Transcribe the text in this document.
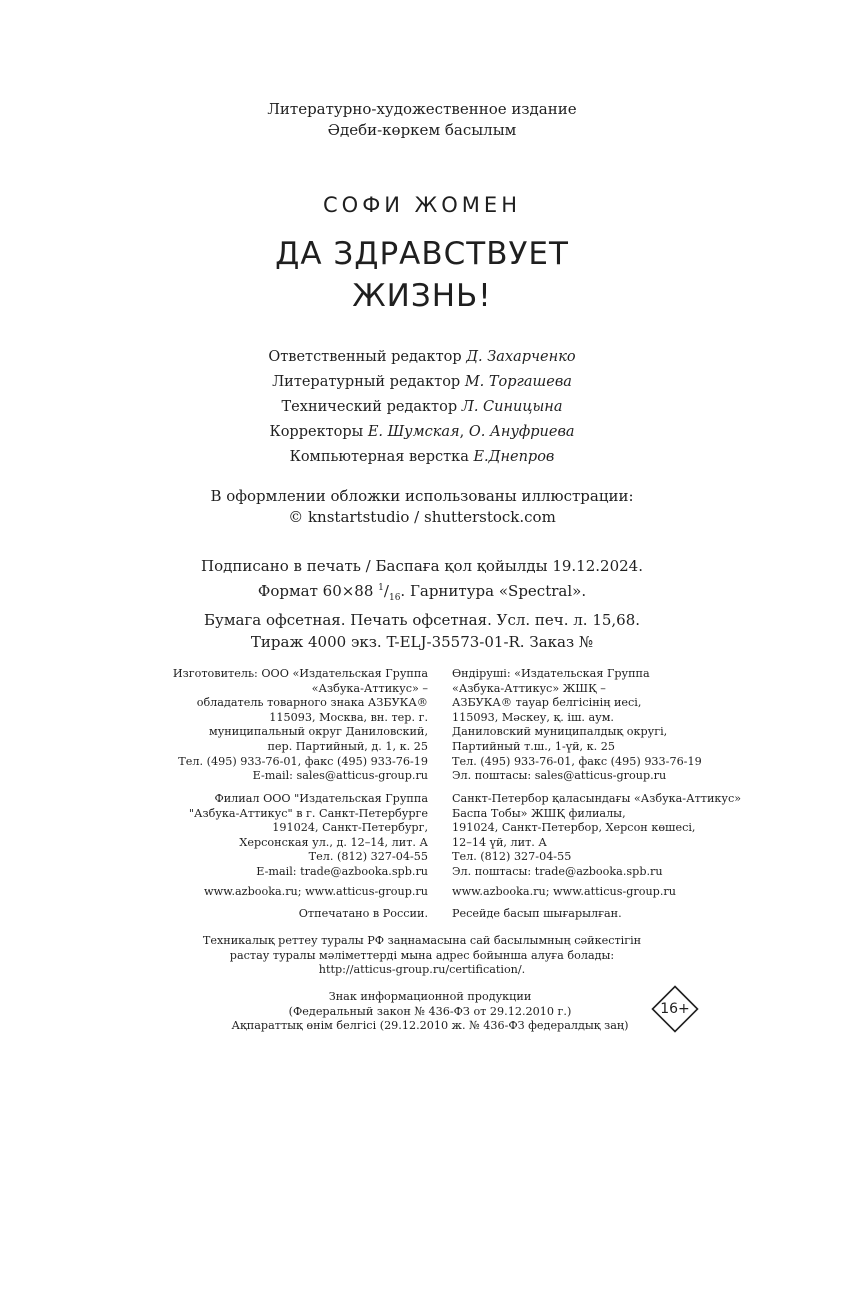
Литературно-художественное издание
Әдеби-көркем басылым
СОФИ ЖОМЕН
ДА ЗДРАВСТВУЕТ
ЖИЗНЬ!
Ответственный редактор Д. Захарченко
Литературный редактор М. Торгашева
Технический редактор Л. Синицына
Корректоры Е. Шумская, О. Ануфриева
Компьютерная верстка Е.Днепров
В оформлении обложки использованы иллюстрации:
© knstartstudio / shutterstock.com
Подписано в печать / Баспаға қол қойылды 19.12.2024.
Формат 60×88 $^1/_{16}$. Гарнитура «Spectral».
Бумага офсетная. Печать офсетная. Усл. печ. л. 15,68.
Тираж 4000 экз. T-ELJ-35573-01-R. Заказ №
Изготовитель: ООО «Издательская Группа
«Азбука-Аттикус» –
обладатель товарного знака АЗБУКА®
115093, Москва, вн. тер. г.
муниципальный округ Даниловский,
пер. Партийный, д. 1, к. 25
Тел. (495) 933-76-01, факс (495) 933-76-19
E-mail: sales@atticus-group.ru
Өндіруші: «Издательская Группа
«Азбука-Аттикус» ЖШҚ –
АЗБУКА® тауар белгісінің иесі,
115093, Мәскеу, қ. іш. аум.
Даниловский муниципалдық округі,
Партийный т.ш., 1-үй, к. 25
Тел. (495) 933-76-01, факс (495) 933-76-19
Эл. поштасы: sales@atticus-group.ru
Филиал ООО "Издательская Группа
"Азбука-Аттикус" в г. Санкт-Петербурге
191024, Санкт-Петербург,
Херсонская ул., д. 12–14, лит. А
Тел. (812) 327-04-55
E-mail: trade@azbooka.spb.ru
Санкт-Петербор қаласындағы «Азбука-Аттикус»
Баспа Тобы» ЖШҚ филиалы,
191024, Санкт-Петербор, Херсон көшесі,
12–14 үй, лит. А
Тел. (812) 327-04-55
Эл. поштасы: trade@azbooka.spb.ru
www.azbooka.ru; www.atticus-group.ru www.azbooka.ru; www.atticus-group.ru
Отпечатано в России. Ресейде басып шығарылған.
Техникалық реттеу туралы РФ заңнамасына сай басылымның сәйкестігін
растау туралы мәліметтерді мына адрес бойынша алуға болады:
http://atticus-group.ru/certification/.
Знак информационной продукции
(Федеральный закон № 436-ФЗ от 29.12.2010 г.)
Ақпараттық өнім белгісі (29.12.2010 ж. № 436-ФЗ федералдық заң)
16+
